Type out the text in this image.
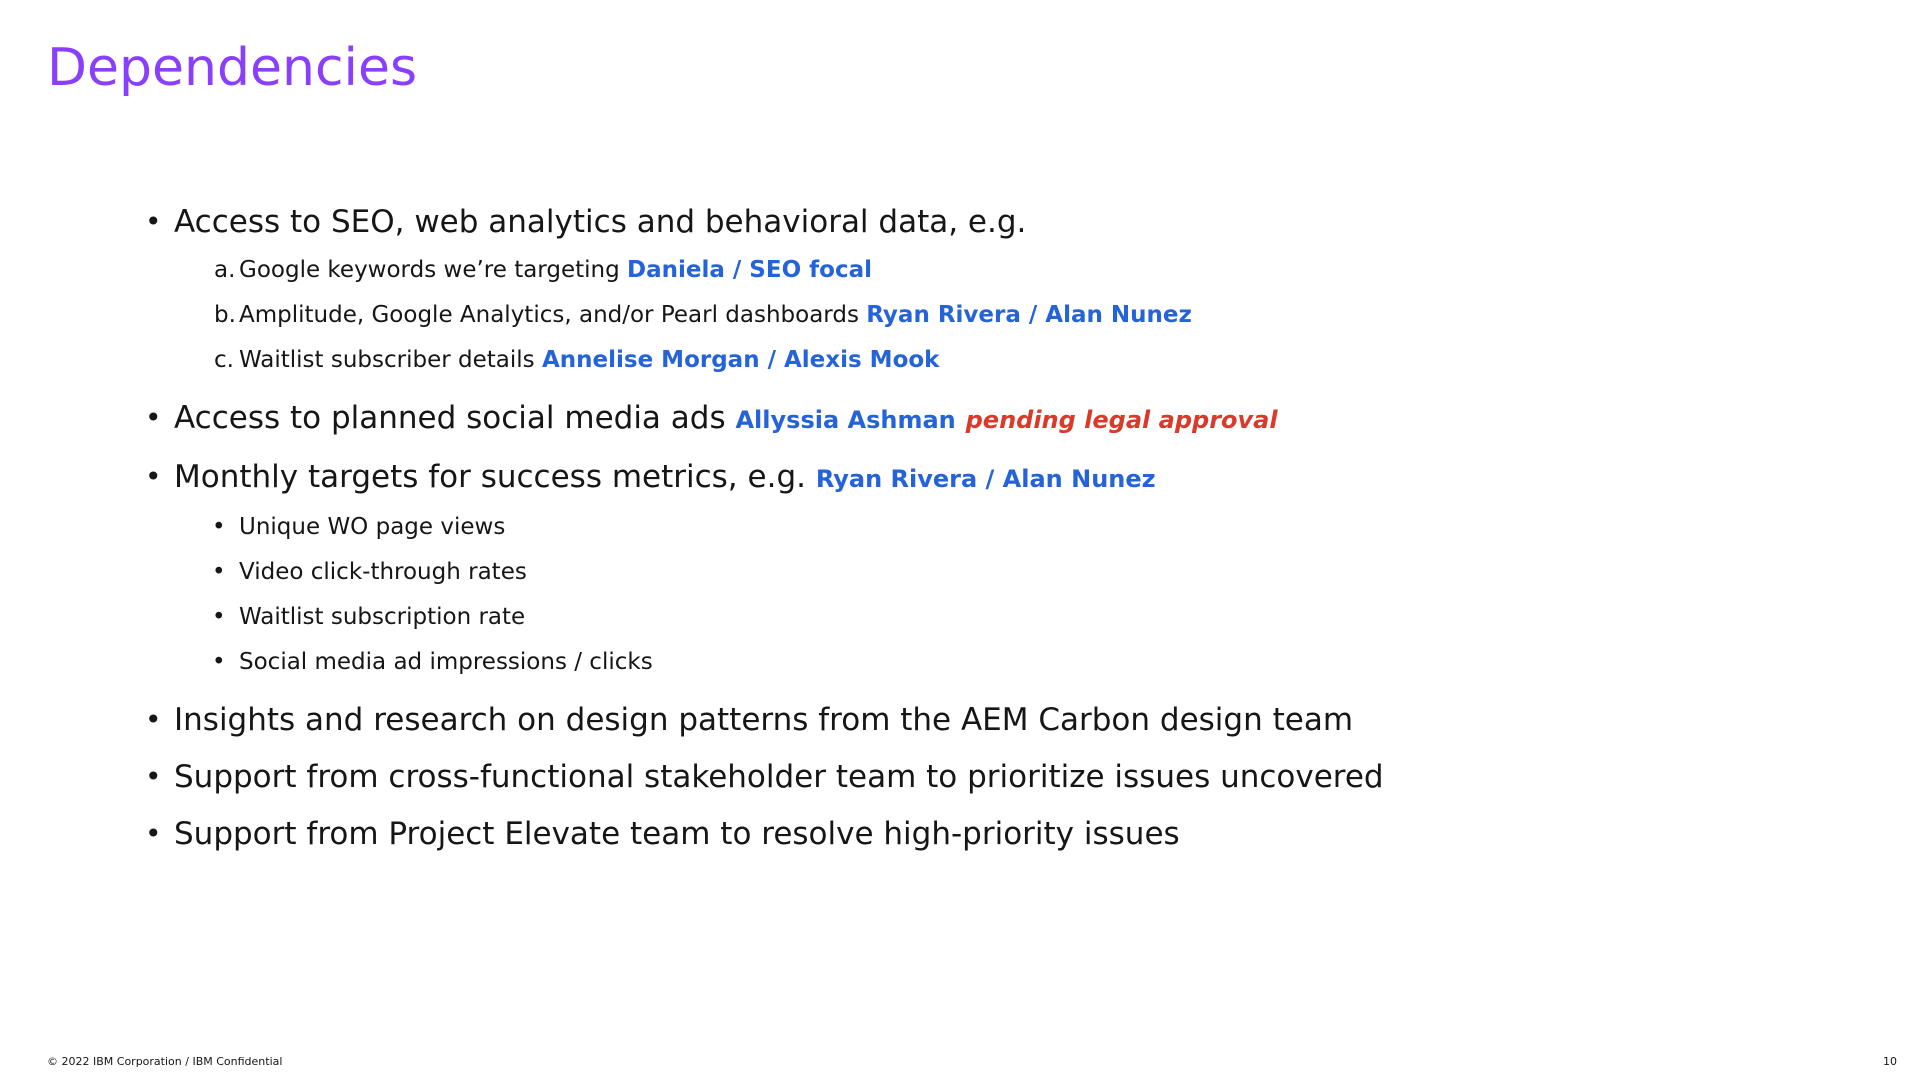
Dependencies
• Access to SEO, web analytics and behavioral data, e.g.
a. Google keywords we’re targeting Daniela / SEO focal
b. Amplitude, Google Analytics, and/or Pearl dashboards Ryan Rivera / Alan Nunez
c. Waitlist subscriber details Annelise Morgan / Alexis Mook
• Access to planned social media ads Allyssia Ashman pending legal approval
• Monthly targets for success metrics, e.g. Ryan Rivera / Alan Nunez
• Unique WO page views
• Video click-through rates
• Waitlist subscription rate
• Social media ad impressions / clicks
• Insights and research on design patterns from the AEM Carbon design team
• Support from cross-functional stakeholder team to prioritize issues uncovered
• Support from Project Elevate team to resolve high-priority issues
© 2022 IBM Corporation / IBM Confidential	10
